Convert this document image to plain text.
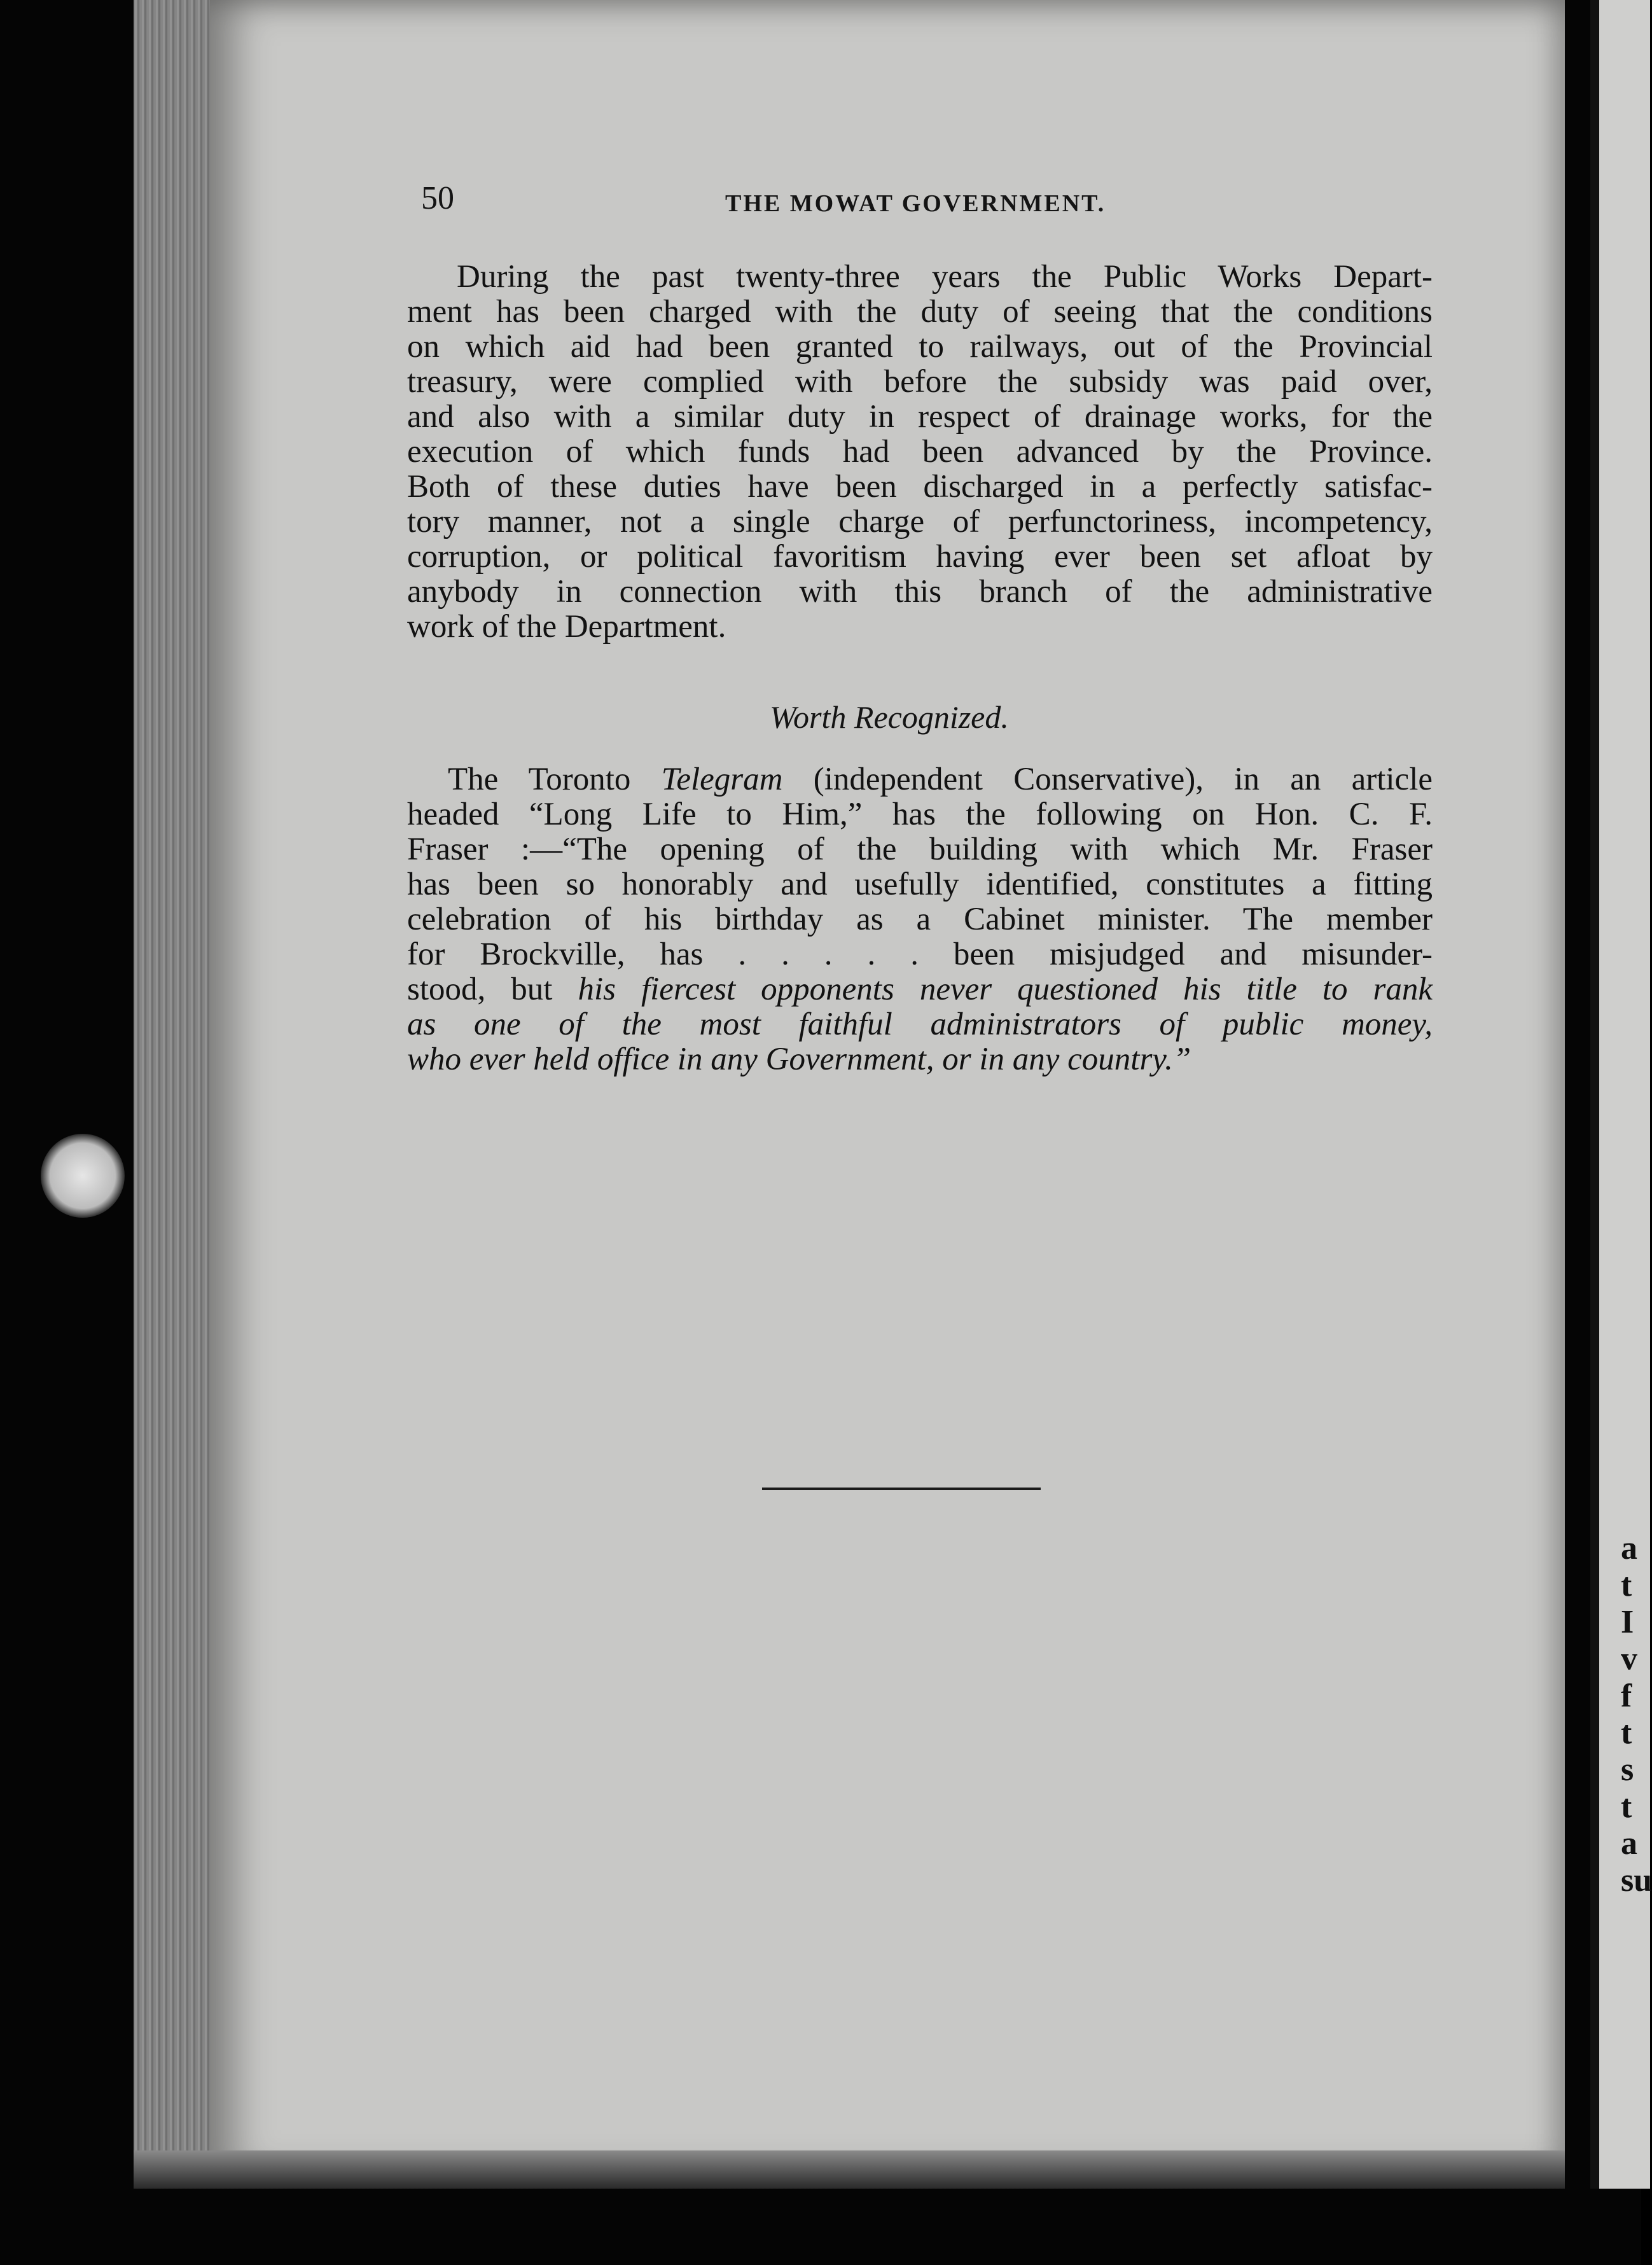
a
t
I
v
f
t
s
t
a
su
50	THE MOWAT GOVERNMENT.
During the past twenty-three years the Public Works Depart-
ment has been charged with the duty of seeing that the conditions
on which aid had been granted to railways, out of the Provincial
treasury, were complied with before the subsidy was paid over,
and also with a similar duty in respect of drainage works, for the
execution of which funds had been advanced by the Province.
Both of these duties have been discharged in a perfectly satisfac-
tory manner, not a single charge of perfunctoriness, incompetency,
corruption, or political favoritism having ever been set afloat by
anybody in connection with this branch of the administrative
work of the Department.
Worth Recognized.
The Toronto Telegram (independent Conservative), in an article
headed “Long Life to Him,” has the following on Hon. C. F.
Fraser :—“The opening of the building with which Mr. Fraser
has been so honorably and usefully identified, constitutes a fitting
celebration of his birthday as a Cabinet minister. The member
for Brockville, has . . . . . been misjudged and misunder-
stood, but his fiercest opponents never questioned his title to rank
as one of the most faithful administrators of public money,
who ever held office in any Government, or in any country.”
